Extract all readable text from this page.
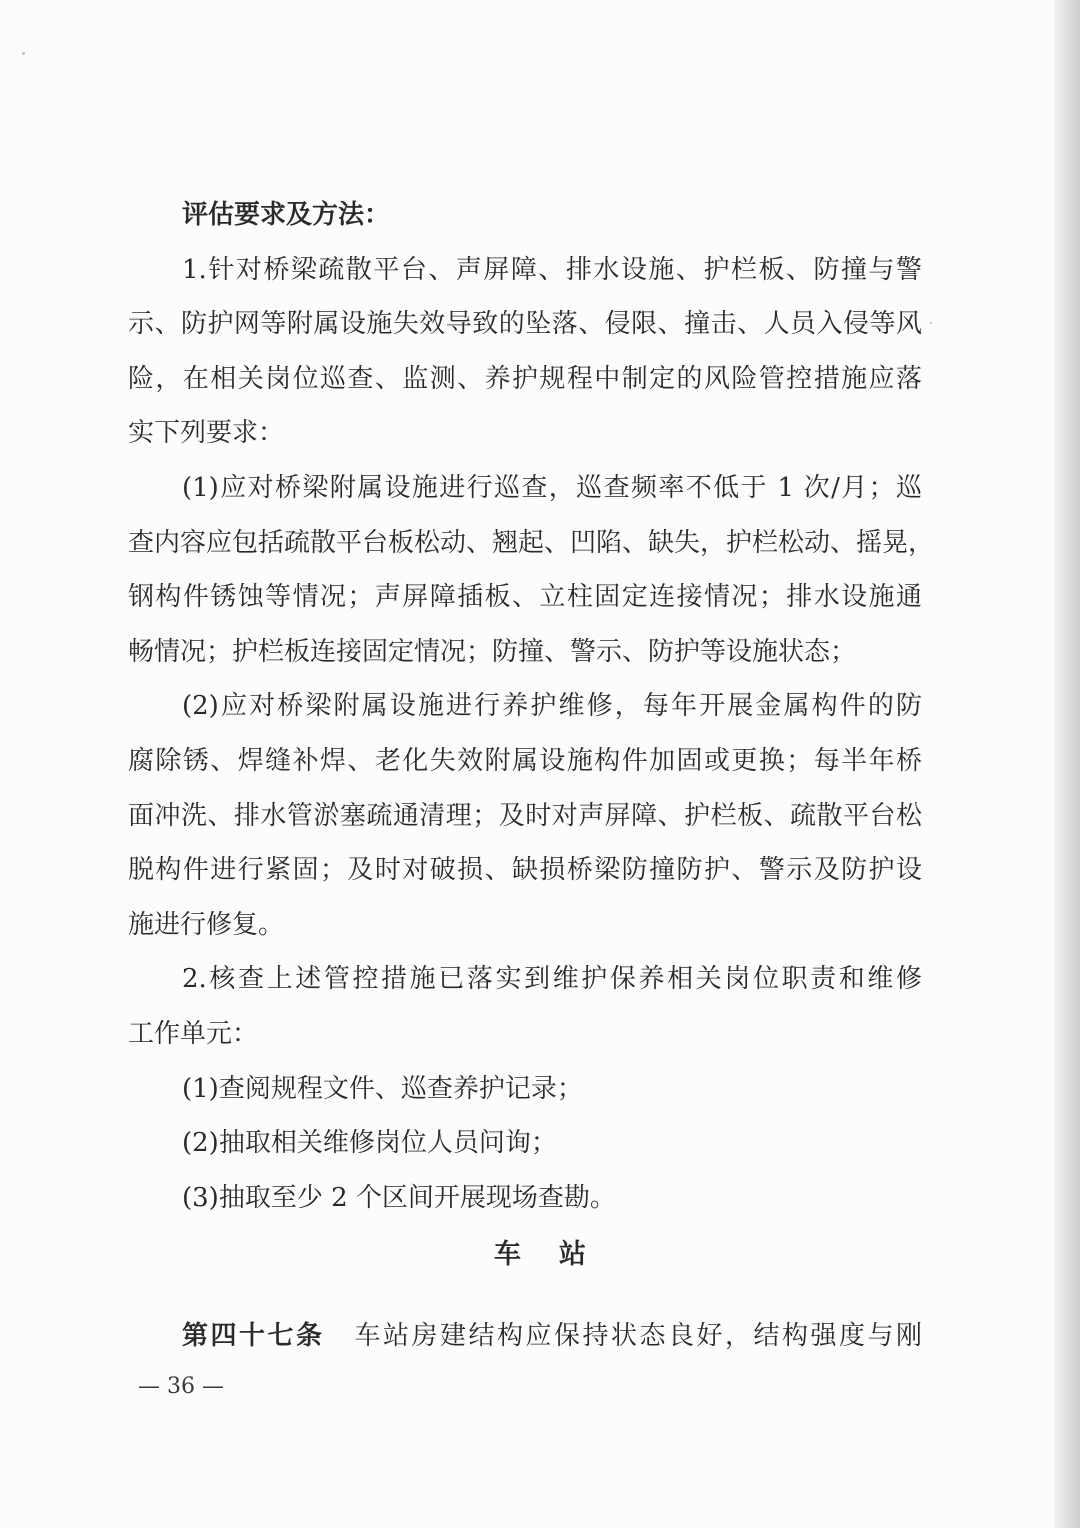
评估要求及方法：
1.针对桥梁疏散平台、声屏障、排水设施、护栏板、防撞与警
示、防护网等附属设施失效导致的坠落、侵限、撞击、人员入侵等风
险，在相关岗位巡查、监测、养护规程中制定的风险管控措施应落
实下列要求：
(1)应对桥梁附属设施进行巡查，巡查频率不低于 1 次/月；巡
查内容应包括疏散平台板松动、翘起、凹陷、缺失，护栏松动、摇晃，
钢构件锈蚀等情况；声屏障插板、立柱固定连接情况；排水设施通
畅情况；护栏板连接固定情况；防撞、警示、防护等设施状态；
(2)应对桥梁附属设施进行养护维修，每年开展金属构件的防
腐除锈、焊缝补焊、老化失效附属设施构件加固或更换；每半年桥
面冲洗、排水管淤塞疏通清理；及时对声屏障、护栏板、疏散平台松
脱构件进行紧固；及时对破损、缺损桥梁防撞防护、警示及防护设
施进行修复。
2.核查上述管控措施已落实到维护保养相关岗位职责和维修
工作单元：
(1)查阅规程文件、巡查养护记录；
(2)抽取相关维修岗位人员问询；
(3)抽取至少 2 个区间开展现场查勘。
车站
第四十七条 车站房建结构应保持状态良好，结构强度与刚
— 36 —
